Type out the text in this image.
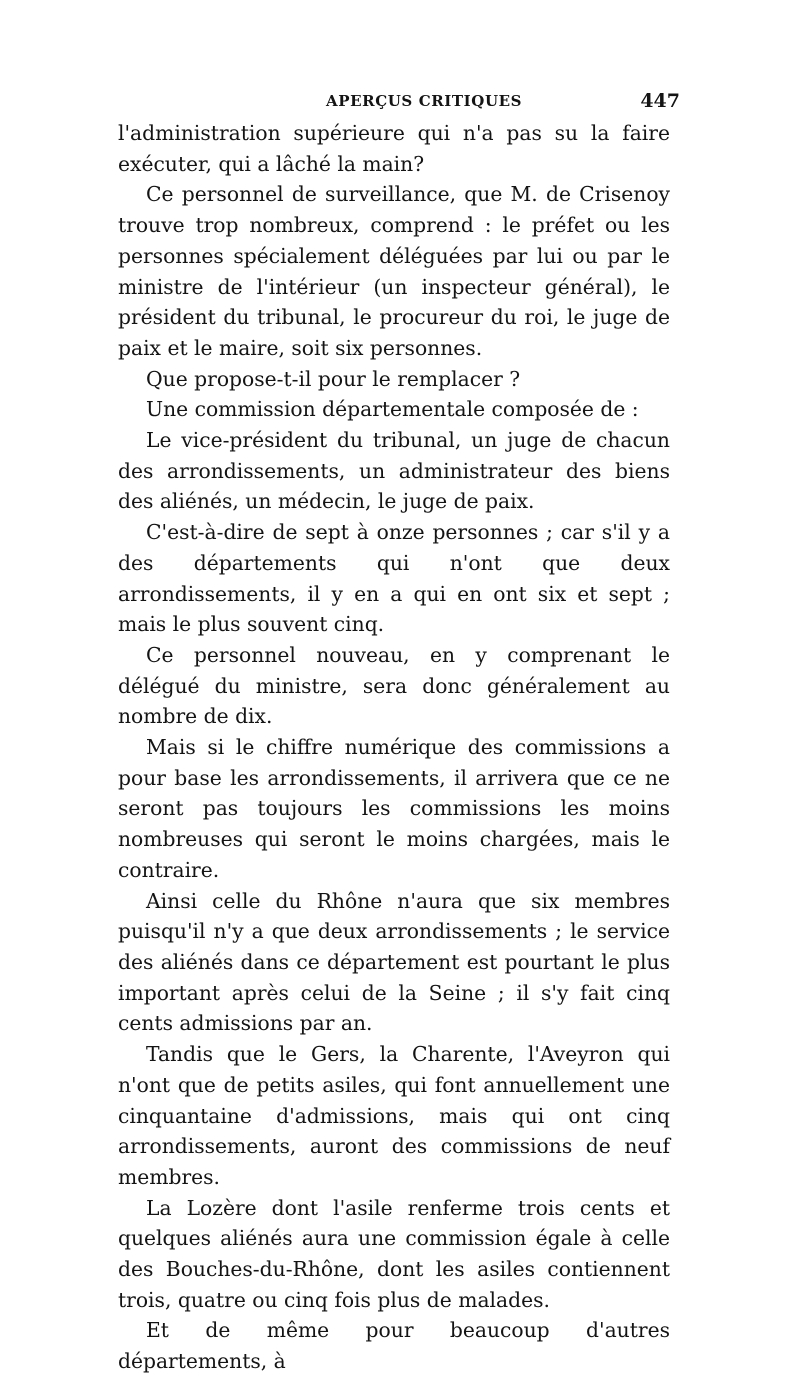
APERÇUS CRITIQUES	447

l'administration supérieure qui n'a pas su la faire exécuter, qui a lâché la main?

Ce personnel de surveillance, que M. de Crisenoy trouve trop nombreux, comprend : le préfet ou les personnes spécialement déléguées par lui ou par le ministre de l'intérieur (un inspecteur général), le président du tribunal, le procureur du roi, le juge de paix et le maire, soit six personnes.

Que propose-t-il pour le remplacer ?

Une commission départementale composée de :

Le vice-président du tribunal, un juge de chacun des arrondissements, un administrateur des biens des aliénés, un médecin, le juge de paix.

C'est-à-dire de sept à onze personnes ; car s'il y a des départements qui n'ont que deux arrondissements, il y en a qui en ont six et sept ; mais le plus souvent cinq.

Ce personnel nouveau, en y comprenant le délégué du ministre, sera donc généralement au nombre de dix.

Mais si le chiffre numérique des commissions a pour base les arrondissements, il arrivera que ce ne seront pas toujours les commissions les moins nombreuses qui seront le moins chargées, mais le contraire.

Ainsi celle du Rhône n'aura que six membres puisqu'il n'y a que deux arrondissements ; le service des aliénés dans ce département est pourtant le plus important après celui de la Seine ; il s'y fait cinq cents admissions par an.

Tandis que le Gers, la Charente, l'Aveyron qui n'ont que de petits asiles, qui font annuellement une cinquantaine d'admissions, mais qui ont cinq arrondissements, auront des commissions de neuf membres.

La Lozère dont l'asile renferme trois cents et quelques aliénés aura une commission égale à celle des Bouches-du-Rhône, dont les asiles contiennent trois, quatre ou cinq fois plus de malades.

Et de même pour beaucoup d'autres départements, à
